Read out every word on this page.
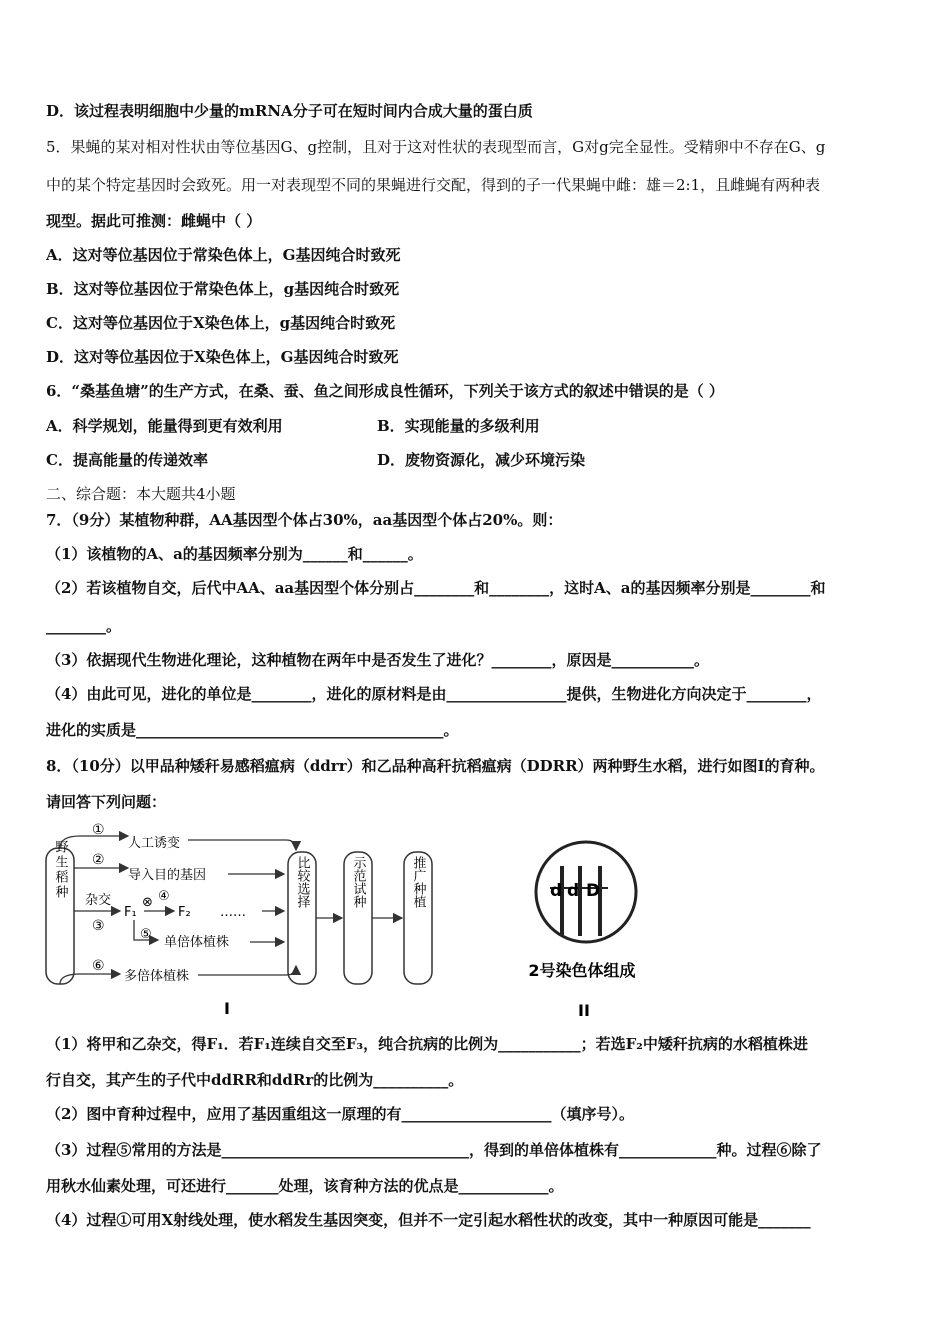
D．该过程表明细胞中少量的mRNA分子可在短时间内合成大量的蛋白质
5．果蝇的某对相对性状由等位基因G、g控制，且对于这对性状的表现型而言，G对g完全显性。受精卵中不存在G、g
中的某个特定基因时会致死。用一对表现型不同的果蝇进行交配，得到的子一代果蝇中雌：雄＝2:1，且雌蝇有两种表
现型。据此可推测：雌蝇中（ ）
A．这对等位基因位于常染色体上，G基因纯合时致死
B．这对等位基因位于常染色体上，g基因纯合时致死
C．这对等位基因位于X染色体上，g基因纯合时致死
D．这对等位基因位于X染色体上，G基因纯合时致死
6．“桑基鱼塘”的生产方式，在桑、蚕、鱼之间形成良性循环，下列关于该方式的叙述中错误的是（ ）
A．科学规划，能量得到更有效利用	B．实现能量的多级利用
C．提高能量的传递效率	D．废物资源化，减少环境污染
二、综合题：本大题共4小题
7．（9分）某植物种群，AA基因型个体占30%，aa基因型个体占20%。则：
（1）该植物的A、a的基因频率分别为______和______。
（2）若该植物自交，后代中AA、aa基因型个体分别占________和________，这时A、a的基因频率分别是________和
________。
（3）依据现代生物进化理论，这种植物在两年中是否发生了进化？________，原因是___________。
（4）由此可见，进化的单位是________，进化的原材料是由________________提供，生物进化方向决定于________，
进化的实质是_________________________________________。
8．（10分）以甲品种矮秆易感稻瘟病（ddrr）和乙品种高秆抗稻瘟病（DDRR）两种野生水稻，进行如图I的育种。
请回答下列问题：
野生稻种
①
人工诱变
②
导入目的基因
杂交
③
F₁
⊗ ④
F₂ ……
⑤
单倍体植株
⑥
多倍体植株
比较选择	示范试种	推广种植
I
d d D
2号染色体组成
II
（1）将甲和乙杂交，得F₁．若F₁连续自交至F₃，纯合抗病的比例为___________；若选F₂中矮秆抗病的水稻植株进
行自交，其产生的子代中ddRR和ddRr的比例为__________。
（2）图中育种过程中，应用了基因重组这一原理的有____________________（填序号）。
（3）过程⑤常用的方法是_________________________________，得到的单倍体植株有_____________种。过程⑥除了
用秋水仙素处理，可还进行_______处理，该育种方法的优点是____________。
（4）过程①可用X射线处理，使水稻发生基因突变，但并不一定引起水稻性状的改变，其中一种原因可能是_______
